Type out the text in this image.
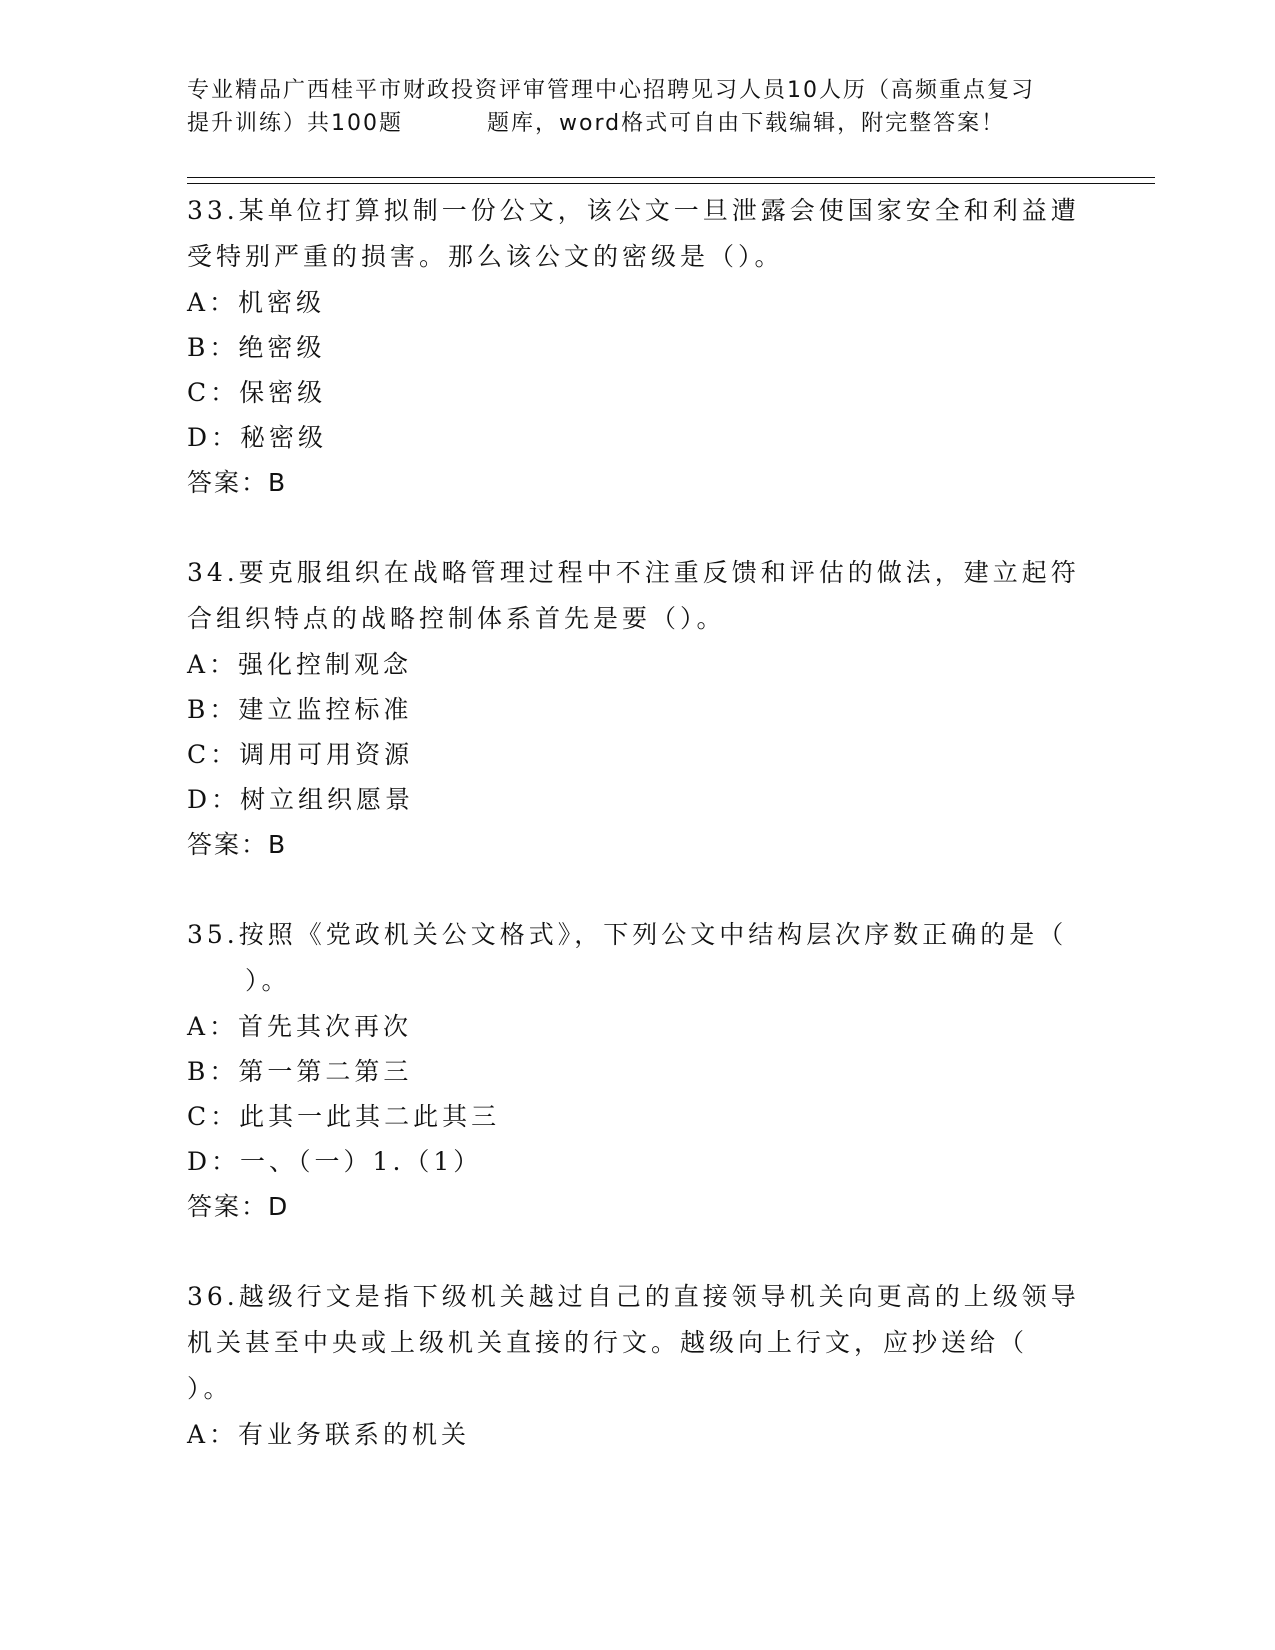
专业精品广西桂平市财政投资评审管理中心招聘见习人员10人历（高频重点复习
提升训练）共100题	题库，word格式可自由下载编辑，附完整答案！
33.某单位打算拟制一份公文，该公文一旦泄露会使国家安全和利益遭
受特别严重的损害。那么该公文的密级是（）。
A：机密级
B：绝密级
C：保密级
D：秘密级
答案：B
34.要克服组织在战略管理过程中不注重反馈和评估的做法，建立起符
合组织特点的战略控制体系首先是要（）。
A：强化控制观念
B：建立监控标准
C：调用可用资源
D：树立组织愿景
答案：B
35.按照《党政机关公文格式》，下列公文中结构层次序数正确的是（
　　）。
A：首先其次再次
B：第一第二第三
C：此其一此其二此其三
D：一、（一）1.（1）
答案：D
36.越级行文是指下级机关越过自己的直接领导机关向更高的上级领导
机关甚至中央或上级机关直接的行文。越级向上行文，应抄送给（
）。
A：有业务联系的机关
